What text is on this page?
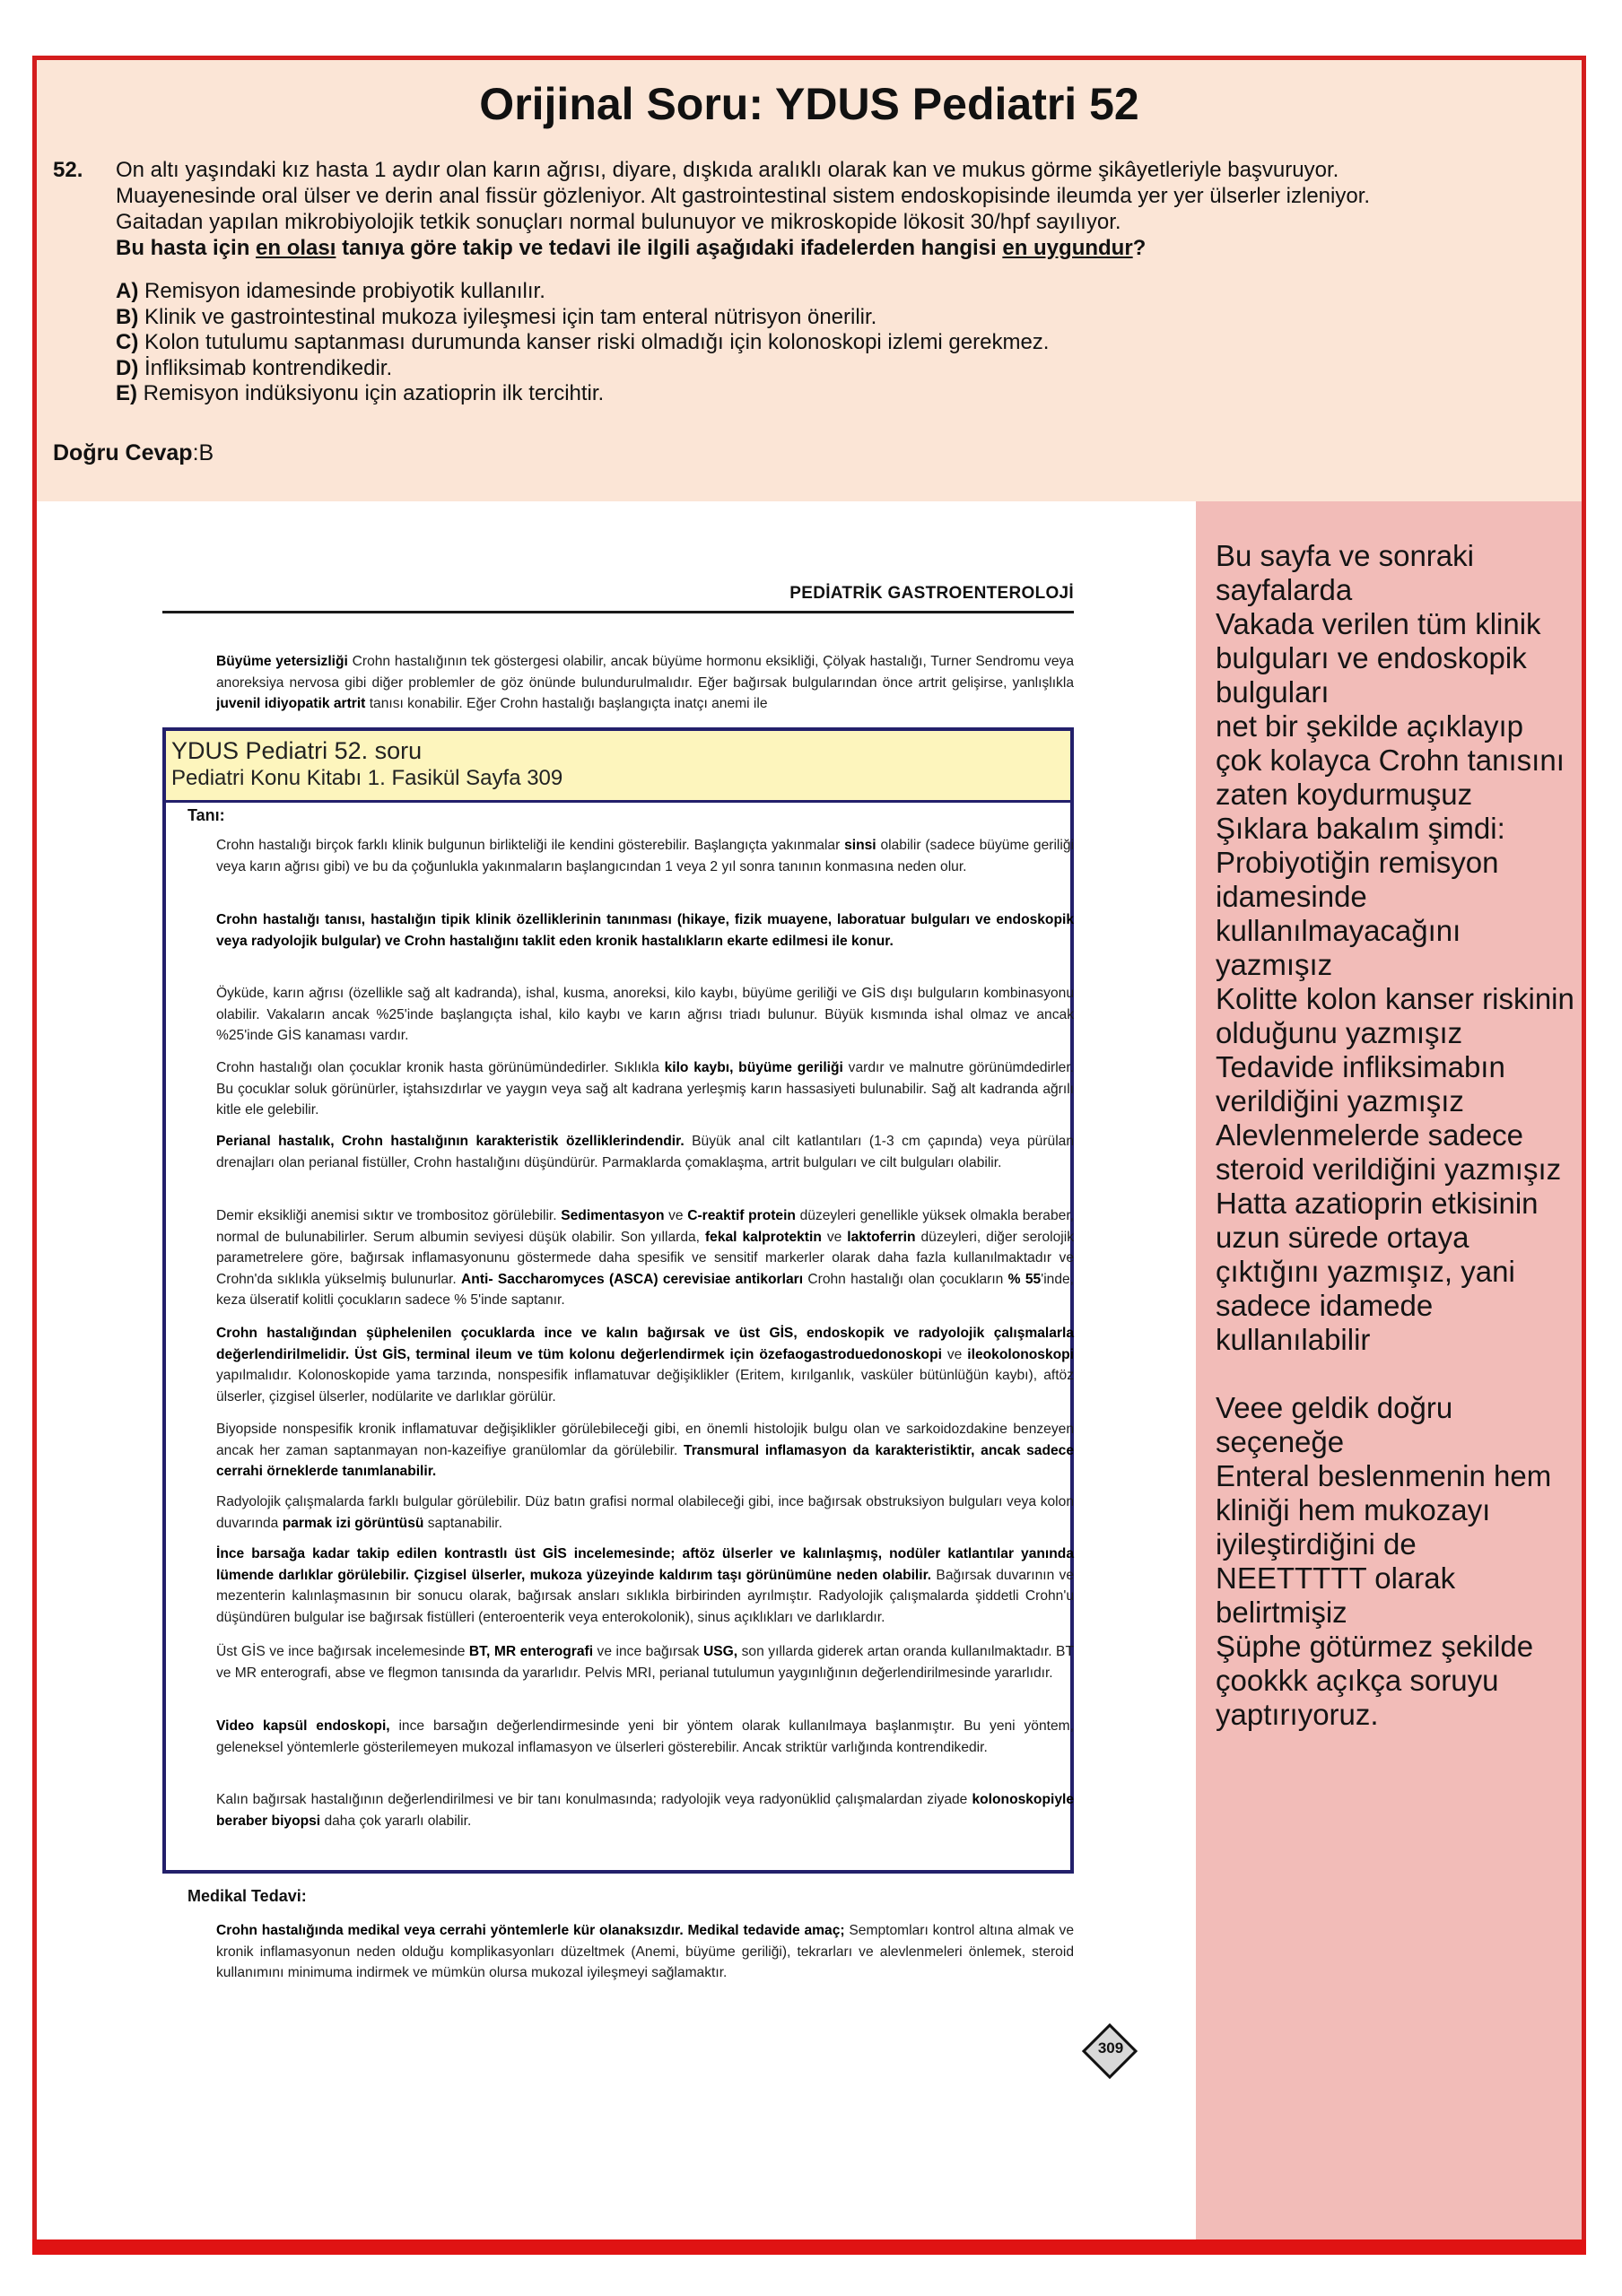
Orijinal Soru: YDUS Pediatri 52
52. On altı yaşındaki kız hasta 1 aydır olan karın ağrısı, diyare, dışkıda aralıklı olarak kan ve mukus görme şikâyetleriyle başvuruyor.

Muayenesinde oral ülser ve derin anal fissür gözleniyor. Alt gastrointestinal sistem endoskopisinde ileumda yer yer ülserler izleniyor.

Gaitadan yapılan mikrobiyolojik tetkik sonuçları normal bulunuyor ve mikroskopide lökosit 30/hpf sayılıyor.

Bu hasta için en olası tanıya göre takip ve tedavi ile ilgili aşağıdaki ifadelerden hangisi en uygundur?

A) Remisyon idamesinde probiyotik kullanılır.
B) Klinik ve gastrointestinal mukoza iyileşmesi için tam enteral nütrisyon önerilir.
C) Kolon tutulumu saptanması durumunda kanser riski olmadığı için kolonoskopi izlemi gerekmez.
D) İnfliksimab kontrendikedir.
E) Remisyon indüksiyonu için azatioprin ilk tercihtir.
Doğru Cevap:B
PEDİATRİK GASTROENTEROLOJİ

Büyüme yetersizliği Crohn hastalığının tek göstergesi olabilir, ancak büyüme hormonu eksikliği, Çölyak hastalığı, Turner Sendromu veya anoreksiya nervosa gibi diğer problemler de göz önünde bulundurulmalıdır. Eğer bağırsak bulgularından önce artrit gelişirse, yanlışlıkla juvenil idiyopatik artrit tanısı konabilir. Eğer Crohn hastalığı başlangıçta inatçı anemi ile

YDUS Pediatri 52. soru
Pediatri Konu Kitabı 1. Fasikül Sayfa 309
Tanı:

Crohn hastalığı birçok farklı klinik bulgunun birlikteliği ile kendini gösterebilir. Başlangıçta yakınmalar sinsi olabilir (sadece büyüme geriliği veya karın ağrısı gibi) ve bu da çoğunlukla yakınmaların başlangıcından 1 veya 2 yıl sonra tanının konmasına neden olur.

Crohn hastalığı tanısı, hastalığın tipik klinik özelliklerinin tanınması (hikaye, fizik muayene, laboratuar bulguları ve endoskopik veya radyolojik bulgular) ve Crohn hastalığını taklit eden kronik hastalıkların ekarte edilmesi ile konur.

Öyküde, karın ağrısı (özellikle sağ alt kadranda), ishal, kusma, anoreksi, kilo kaybı, büyüme geriliği ve GİS dışı bulguların kombinasyonu olabilir. Vakaların ancak %25'inde başlangıçta ishal, kilo kaybı ve karın ağrısı triadı bulunur. Büyük kısmında ishal olmaz ve ancak %25'inde GİS kanaması vardır.

Crohn hastalığı olan çocuklar kronik hasta görünümündedirler. Sıklıkla kilo kaybı, büyüme geriliği vardır ve malnutre görünümdedirler. Bu çocuklar soluk görünürler, iştahsızdırlar ve yaygın veya sağ alt kadrana yerleşmiş karın hassasiyeti bulunabilir. Sağ alt kadranda ağrılı kitle ele gelebilir.

Perianal hastalık, Crohn hastalığının karakteristik özelliklerindendir. Büyük anal cilt katlantıları (1-3 cm çapında) veya pürülan drenajları olan perianal fistüller, Crohn hastalığını düşündürür. Parmaklarda çomaklaşma, artrit bulguları ve cilt bulguları olabilir.

Demir eksikliği anemisi sıktır ve trombositoz görülebilir. Sedimentasyon ve C-reaktif protein düzeyleri genellikle yüksek olmakla beraber, normal de bulunabilirler. Serum albumin seviyesi düşük olabilir. Son yıllarda, fekal kalprotektin ve laktoferrin düzeyleri, diğer serolojik parametrelere göre, bağırsak inflamasyonunu göstermede daha spesifik ve sensitif markerler olarak daha fazla kullanılmaktadır ve Crohn'da sıklıkla yükselmiş bulunurlar. Anti- Saccharomyces (ASCA) cerevisiae antikorları Crohn hastalığı olan çocukların % 55'inde, keza ülseratif kolitli çocukların sadece % 5'inde saptanır.

Crohn hastalığından şüphelenilen çocuklarda ince ve kalın bağırsak ve üst GİS, endoskopik ve radyolojik çalışmalarla değerlendirilmelidir. Üst GİS, terminal ileum ve tüm kolonu değerlendirmek için özefaogastroduedonoskopi ve ileokolonoskopi yapılmalıdır. Kolonoskopide yama tarzında, nonspesifik inflamatuvar değişiklikler (Eritem, kırılganlık, vasküler bütünlüğün kaybı), aftöz ülserler, çizgisel ülserler, nodülarite ve darlıklar görülür.

Biyopside nonspesifik kronik inflamatuvar değişiklikler görülebileceği gibi, en önemli histolojik bulgu olan ve sarkoidozdakine benzeyen ancak her zaman saptanmayan non-kazeifiye granülomlar da görülebilir. Transmural inflamasyon da karakteristiktir, ancak sadece cerrahi örneklerde tanımlanabilir.

Radyolojik çalışmalarda farklı bulgular görülebilir. Düz batın grafisi normal olabileceği gibi, ince bağırsak obstruksiyon bulguları veya kolon duvarında parmak izi görüntüsü saptanabilir.

İnce barsağa kadar takip edilen kontrastlı üst GİS incelemesinde; aftöz ülserler ve kalınlaşmış, nodüler katlantılar yanında lümende darlıklar görülebilir. Çizgisel ülserler, mukoza yüzeyinde kaldırım taşı görünümüne neden olabilir. Bağırsak duvarının ve mezenterin kalınlaşmasının bir sonucu olarak, bağırsak ansları sıklıkla birbirinden ayrılmıştır. Radyolojik çalışmalarda şiddetli Crohn'u düşündüren bulgular ise bağırsak fistülleri (enteroenterik veya enterokolonik), sinus açıklıkları ve darlıklardır.

Üst GİS ve ince bağırsak incelemesinde BT, MR enterografi ve ince bağırsak USG, son yıllarda giderek artan oranda kullanılmaktadır. BT ve MR enterografi, abse ve flegmon tanısında da yararlıdır. Pelvis MRI, perianal tutulumun yaygınlığının değerlendirilmesinde yararlıdır.

Video kapsül endoskopi, ince barsağın değerlendirmesinde yeni bir yöntem olarak kullanılmaya başlanmıştır. Bu yeni yöntem, geleneksel yöntemlerle gösterilemeyen mukozal inflamasyon ve ülserleri gösterebilir. Ancak striktür varlığında kontrendikedir.

Kalın bağırsak hastalığının değerlendirilmesi ve bir tanı konulmasında; radyolojik veya radyonüklid çalışmalardan ziyade kolonoskopiyle beraber biyopsi daha çok yararlı olabilir.

Medikal Tedavi:

Crohn hastalığında medikal veya cerrahi yöntemlerle kür olanaksızdır. Medikal tedavide amaç; Semptomları kontrol altına almak ve kronik inflamasyonun neden olduğu komplikasyonları düzeltmek (Anemi, büyüme geriliği), tekrarları ve alevlenmeleri önlemek, steroid kullanımını minimuma indirmek ve mümkün olursa mukozal iyileşmeyi sağlamaktır.

309
Bu sayfa ve sonraki sayfalarda
Vakada verilen tüm klinik bulguları ve endoskopik bulguları
net bir şekilde açıklayıp çok kolayca Crohn tanısını zaten koydurmuşuz
Şıklara bakalım şimdi:
Probiyotiğin remisyon idamesinde kullanılmayacağını yazmışız
Kolitte kolon kanser riskinin olduğunu yazmışız
Tedavide infliksimabın verildiğini yazmışız
Alevlenmelerde sadece steroid verildiğini yazmışız
Hatta azatioprin etkisinin uzun sürede ortaya çıktığını yazmışız, yani sadece idamede kullanılabilir
Veee geldik doğru seçeneğe
Enteral beslenmenin hem kliniği hem mukozayı iyileştirdiğini de NEETTTTT olarak belirtmişiz
Şüphe götürmez şekilde çookkk açıkça soruyu yaptırıyoruz.
